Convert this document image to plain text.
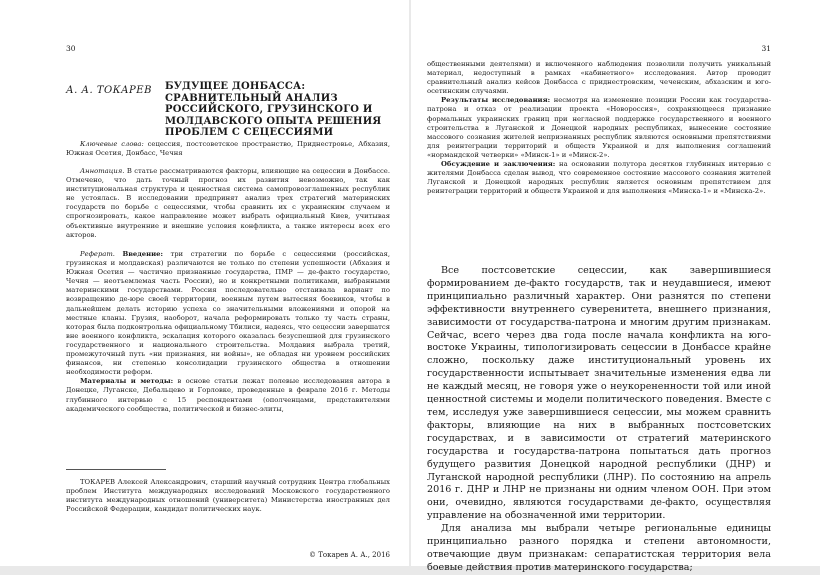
30
А. А. ТОКАРЕВ БУДУЩЕЕ ДОНБАССА: СРАВНИТЕЛЬНЫЙ АНАЛИЗ РОССИЙСКОГО, ГРУЗИНСКОГО И МОЛДАВСКОГО ОПЫТА РЕШЕНИЯ ПРОБЛЕМ С СЕЦЕССИЯМИ

Ключевые слова: сецессия, постсоветское пространство, Приднестровье, Абхазия, Южная Осетия, Донбасс, Чечня

Аннотация. В статье рассматриваются факторы, влияющие на сецессии в Донбассе. Отмечено, что дать точный прогноз их развития невозможно, так как институциональная структура и ценностная система самопровозглашенных республик не устоялась. В исследовании предпринят анализ трех стратегий материнских государств по борьбе с сецессиями, чтобы сравнить их с украинским случаем и спрогнозировать, какое направление может выбрать официальный Киев, учитывая объективные внутренние и внешние условия конфликта, а также интересы всех его акторов.

Реферат. Введение: три стратегии по борьбе с сецессиями (российская, грузинская и молдавская) различаются не только по степени успешности (Абхазия и Южная Осетия — частично признанные государства, ПМР — де-факто государство, Чечня — неотъемлемая часть России), но и конкретными политиками, выбранными материнскими государствами. Россия последовательно отстаивала вариант по возвращению де-юре своей территории, военным путем вытесняя боевиков, чтобы в дальнейшем делать историю успеха со значительными вложениями и опорой на местные кланы. Грузия, наоборот, начала реформировать только ту часть страны, которая была подконтрольна официальному Тбилиси, надеясь, что сецессии завершатся вне военного конфликта, эскалация которого оказалась безуспешной для грузинского государственного и национального строительства. Молдавия выбрала третий, промежуточный путь «ни признания, ни войны», не обладая ни уровнем российских финансов, ни степенью консолидации грузинского общества в отношении необходимости реформ.

Материалы и методы: в основе статьи лежат полевые исследования автора в Донецке, Луганске, Дебальцево и Горловке, проведенные в феврале 2016 г. Методы глубинного интервью с 15 респондентами (ополченцами, представителями академического сообщества, политической и бизнес-элиты,

ТОКАРЕВ Алексей Александрович, старший научный сотрудник Центра глобальных проблем Института международных исследований Московского государственного института международных отношений (университета) Министерства иностранных дел Российской Федерации, кандидат политических наук.

© Токарев А. А., 2016
31

общественными деятелями) и включенного наблюдения позволили получить уникальный материал, недоступный в рамках «кабинетного» исследования. Автор проводит сравнительный анализ кейсов Донбасса с приднестровским, чеченским, абхазским и юго-осетинским случаями.

Результаты исследования: несмотря на изменение позиции России как государства-патрона и отказ от реализации проекта «Новороссия», сохраняющееся признание формальных украинских границ при негласной поддержке государственного и военного строительства в Луганской и Донецкой народных республиках, вынесение состояние массового сознания жителей непризнанных республик являются основными препятствиями для реинтеграции территорий и обществ Украиной и для выполнения соглашений «нормандской четверки» «Минск-1» и «Минск-2».

Обсуждение и заключения: на основании полутора десятков глубинных интервью с жителями Донбасса сделан вывод, что современное состояние массового сознания жителей Луганской и Донецкой народных республик является основным препятствием для реинтеграции территорий и обществ Украиной и для выполнения «Минска-1» и «Минска-2».

Все постсоветские сецессии, как завершившиеся формированием де-факто государств, так и неудавшиеся, имеют принципиально различный характер. Они разнятся по степени эффективности внутреннего суверенитета, внешнего признания, зависимости от государства-патрона и многим другим признакам. Сейчас, всего через два года после начала конфликта на юго-востоке Украины, типологизировать сецессии в Донбассе крайне сложно, поскольку даже институциональный уровень их государственности испытывает значительные изменения едва ли не каждый месяц, не говоря уже о неукорененности той или иной ценностной системы и модели политического поведения. Вместе с тем, исследуя уже завершившиеся сецессии, мы можем сравнить факторы, влияющие на них в выбранных постсоветских государствах, и в зависимости от стратегий материнского государства и государства-патрона попытаться дать прогноз будущего развития Донецкой народной республики (ДНР) и Луганской народной республики (ЛНР). По состоянию на апрель 2016 г. ДНР и ЛНР не признаны ни одним членом ООН. При этом они, очевидно, являются государствами де-факто, осуществляя управление на обозначенной ими территории.

Для анализа мы выбрали четыре региональные единицы принципиально разного порядка и степени автономности, отвечающие двум признакам: сепаратистская территория вела боевые действия против материнского государства;
